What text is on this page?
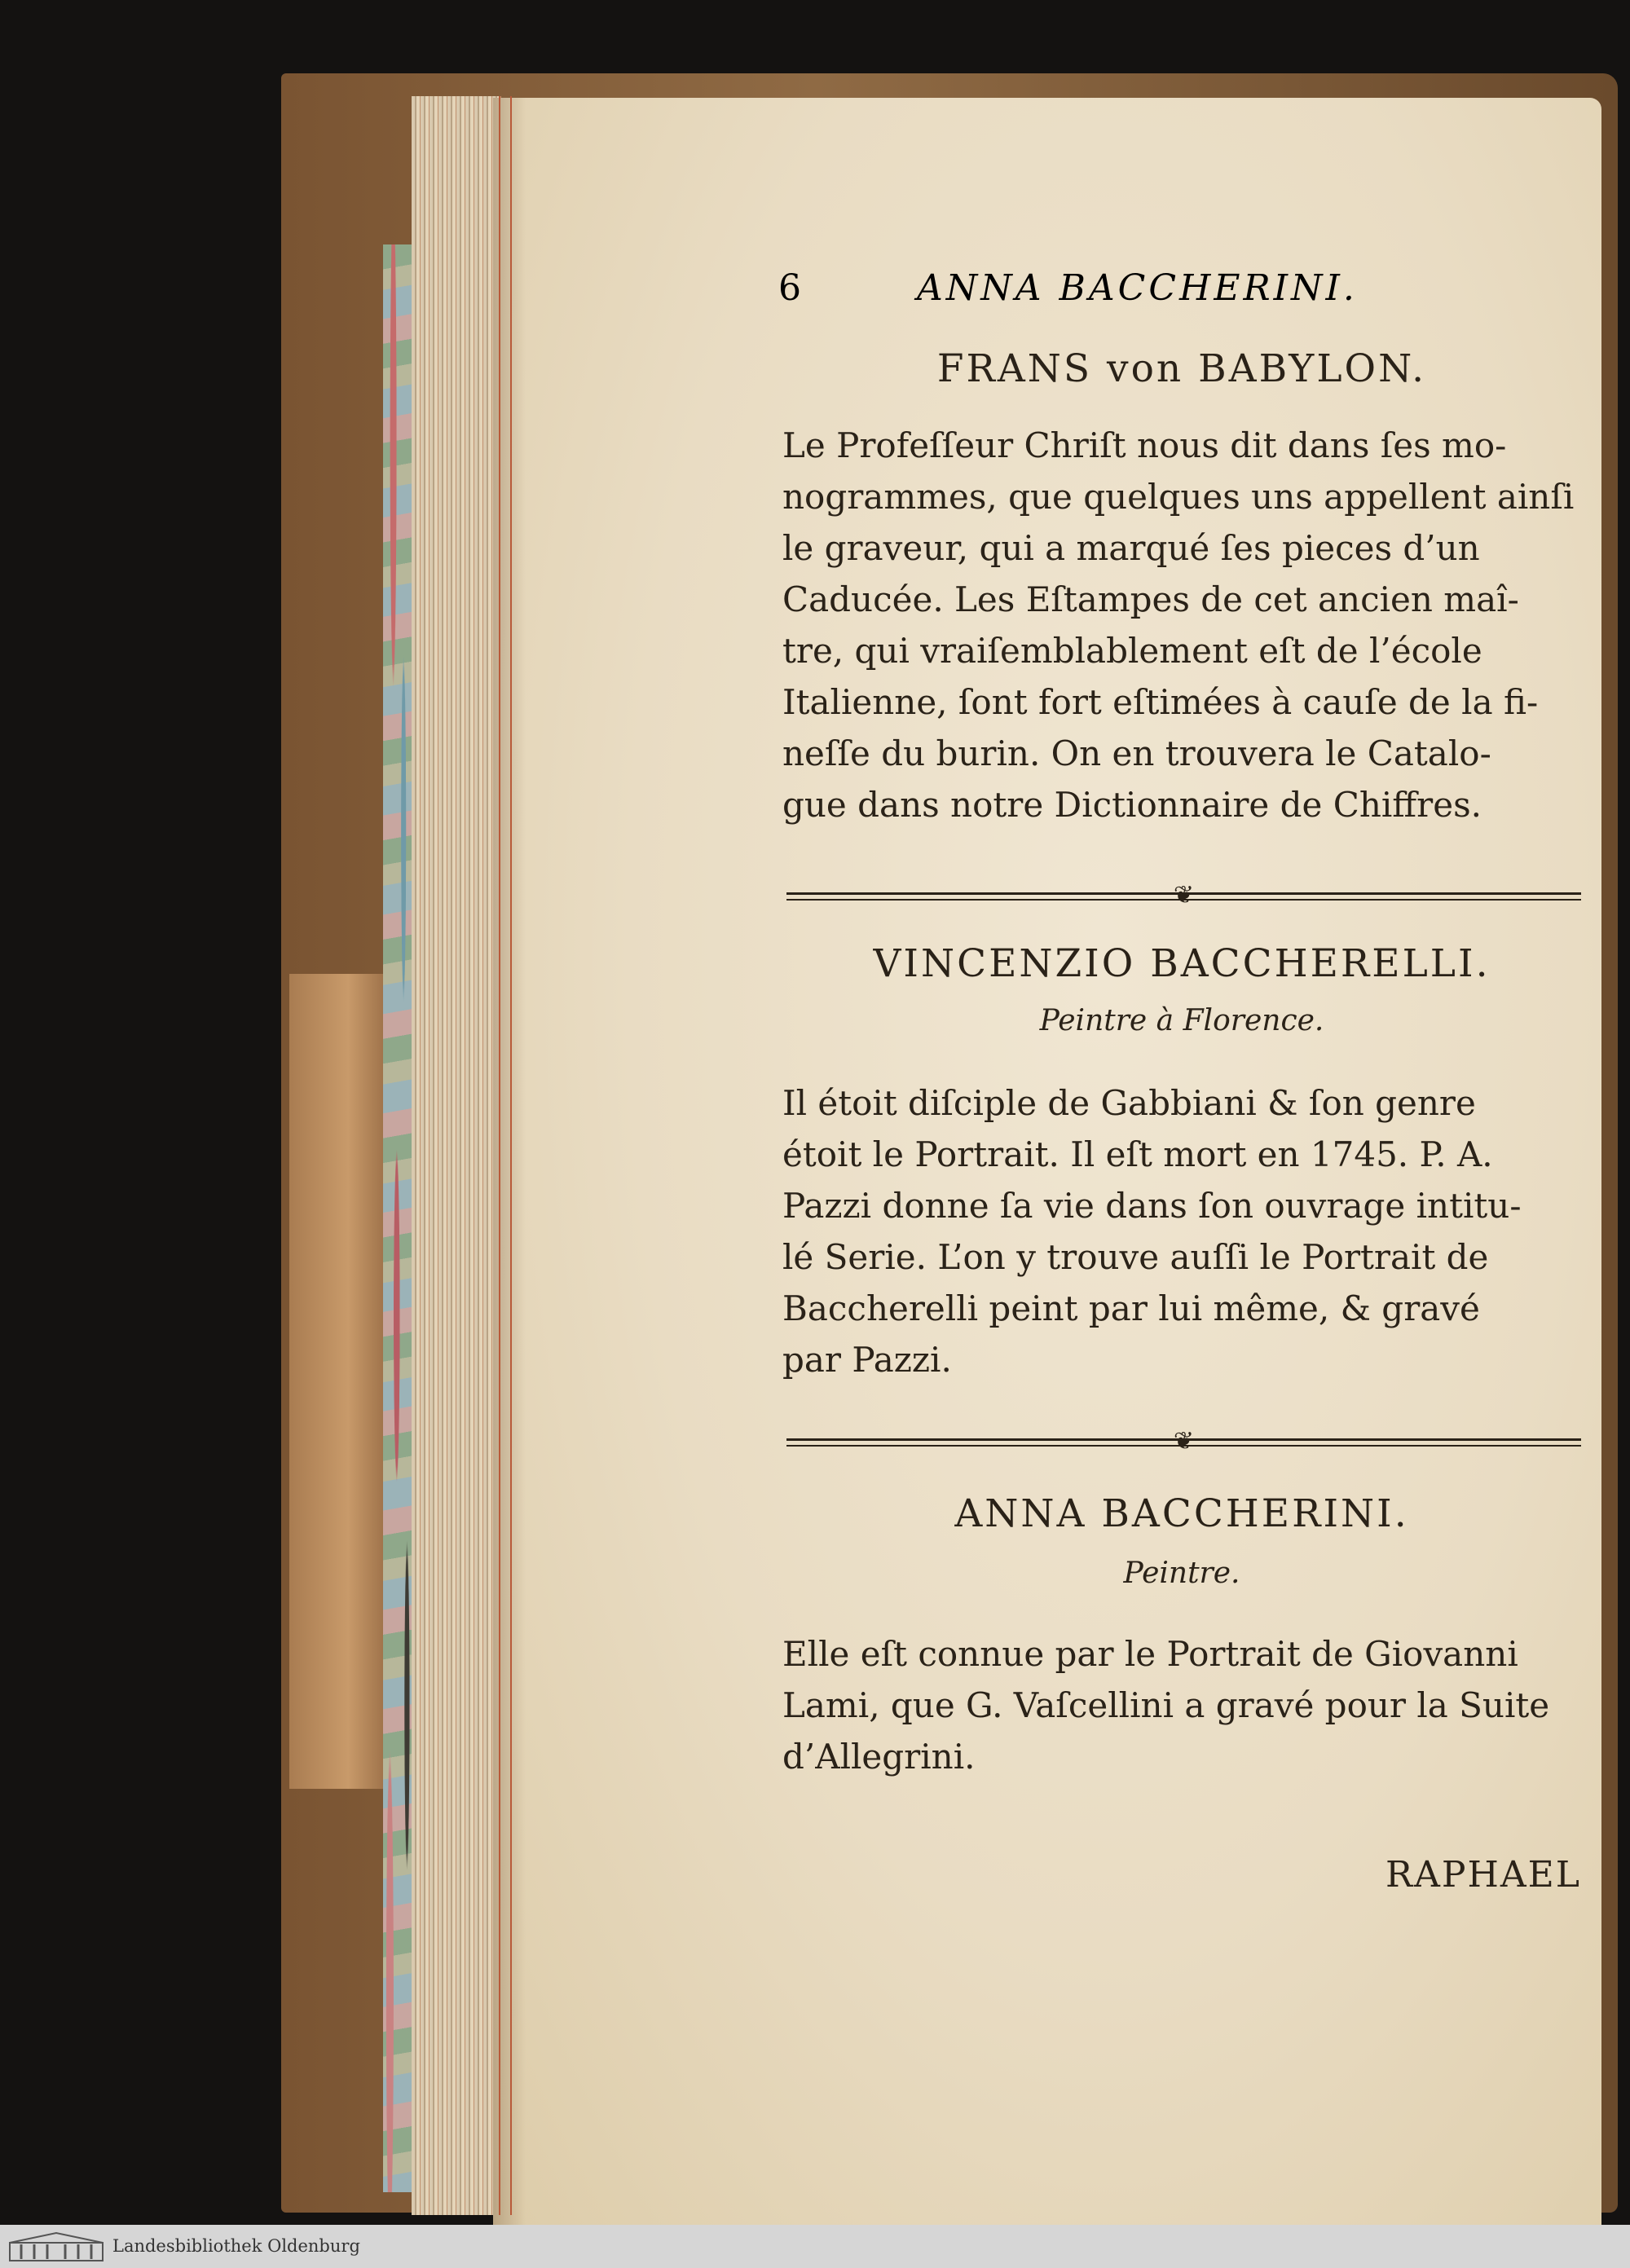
6	ANNA BACCHERINI.
FRANS von BABYLON.
Le Profeſſeur Chriſt nous dit dans ſes mo-
nogrammes, que quelques uns appellent ainſi
le graveur, qui a marqué ſes pieces d’un
Caducée. Les Eſtampes de cet ancien maî-
tre, qui vraiſemblablement eſt de l’école
Italienne, ſont fort eſtimées à cauſe de la fi-
neſſe du burin. On en trouvera le Catalo-
gue dans notre Dictionnaire de Chiffres.
❦
VINCENZIO BACCHERELLI.
Peintre à Florence.
Il étoit diſciple de Gabbiani & ſon genre
étoit le Portrait. Il eſt mort en 1745. P. A.
Pazzi donne ſa vie dans ſon ouvrage intitu-
lé Serie. L’on y trouve auſſi le Portrait de
Baccherelli peint par lui même, & gravé
par Pazzi.
❦
ANNA BACCHERINI.
Peintre.
Elle eſt connue par le Portrait de Giovanni
Lami, que G. Vaſcellini a gravé pour la Suite
d’Allegrini.
RAPHAEL
Landesbibliothek Oldenburg
